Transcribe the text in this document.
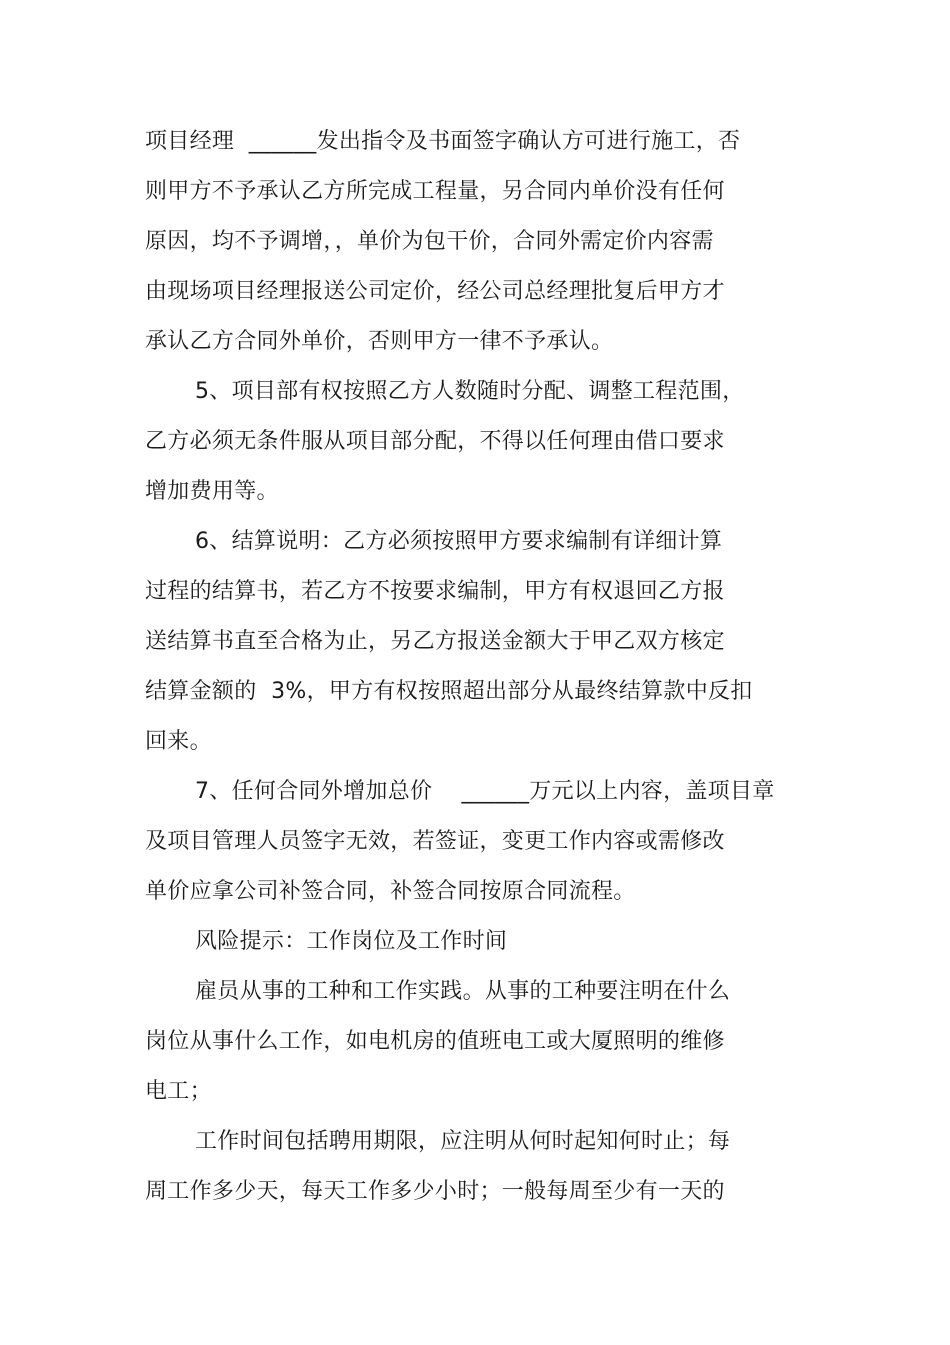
项目经理  ______发出指令及书面签字确认方可进行施工，否
则甲方不予承认乙方所完成工程量，另合同内单价没有任何
原因，均不予调增，，单价为包干价，合同外需定价内容需
由现场项目经理报送公司定价，经公司总经理批复后甲方才
承认乙方合同外单价，否则甲方一律不予承认。
5、项目部有权按照乙方人数随时分配、调整工程范围，
乙方必须无条件服从项目部分配，不得以任何理由借口要求
增加费用等。
6、结算说明：乙方必须按照甲方要求编制有详细计算
过程的结算书，若乙方不按要求编制，甲方有权退回乙方报
送结算书直至合格为止，另乙方报送金额大于甲乙双方核定
结算金额的  3%，甲方有权按照超出部分从最终结算款中反扣
回来。
7、任何合同外增加总价    ______万元以上内容，盖项目章
及项目管理人员签字无效，若签证，变更工作内容或需修改
单价应拿公司补签合同，补签合同按原合同流程。
风险提示：工作岗位及工作时间
雇员从事的工种和工作实践。从事的工种要注明在什么
岗位从事什么工作，如电机房的值班电工或大厦照明的维修
电工；
工作时间包括聘用期限，应注明从何时起知何时止；每
周工作多少天，每天工作多少小时；一般每周至少有一天的
